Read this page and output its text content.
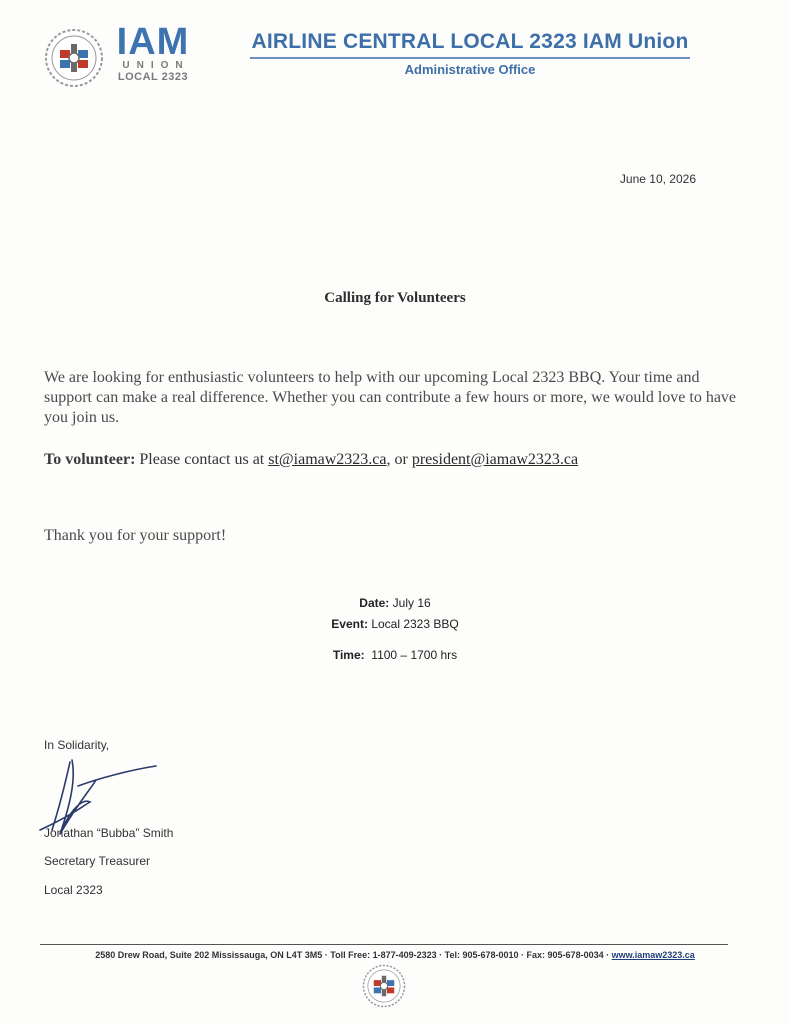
IAM
UNION
LOCAL 2323
AIRLINE CENTRAL LOCAL 2323 IAM Union
Administrative Office
June 10, 2026
Calling for Volunteers
We are looking for enthusiastic volunteers to help with our upcoming Local 2323 BBQ. Your time and support can make a real difference. Whether you can contribute a few hours or more, we would love to have you join us.
To volunteer: Please contact us at st@iamaw2323.ca, or president@iamaw2323.ca
Thank you for your support!
Date: July 16
Event: Local 2323 BBQ
Time: 1100 – 1700 hrs
In Solidarity,
Jonathan “Bubba” Smith
Secretary Treasurer
Local 2323
2580 Drew Road, Suite 202 Mississauga, ON L4T 3M5 · Toll Free: 1-877-409-2323 · Tel: 905-678-0010 · Fax: 905-678-0034 · www.iamaw2323.ca
